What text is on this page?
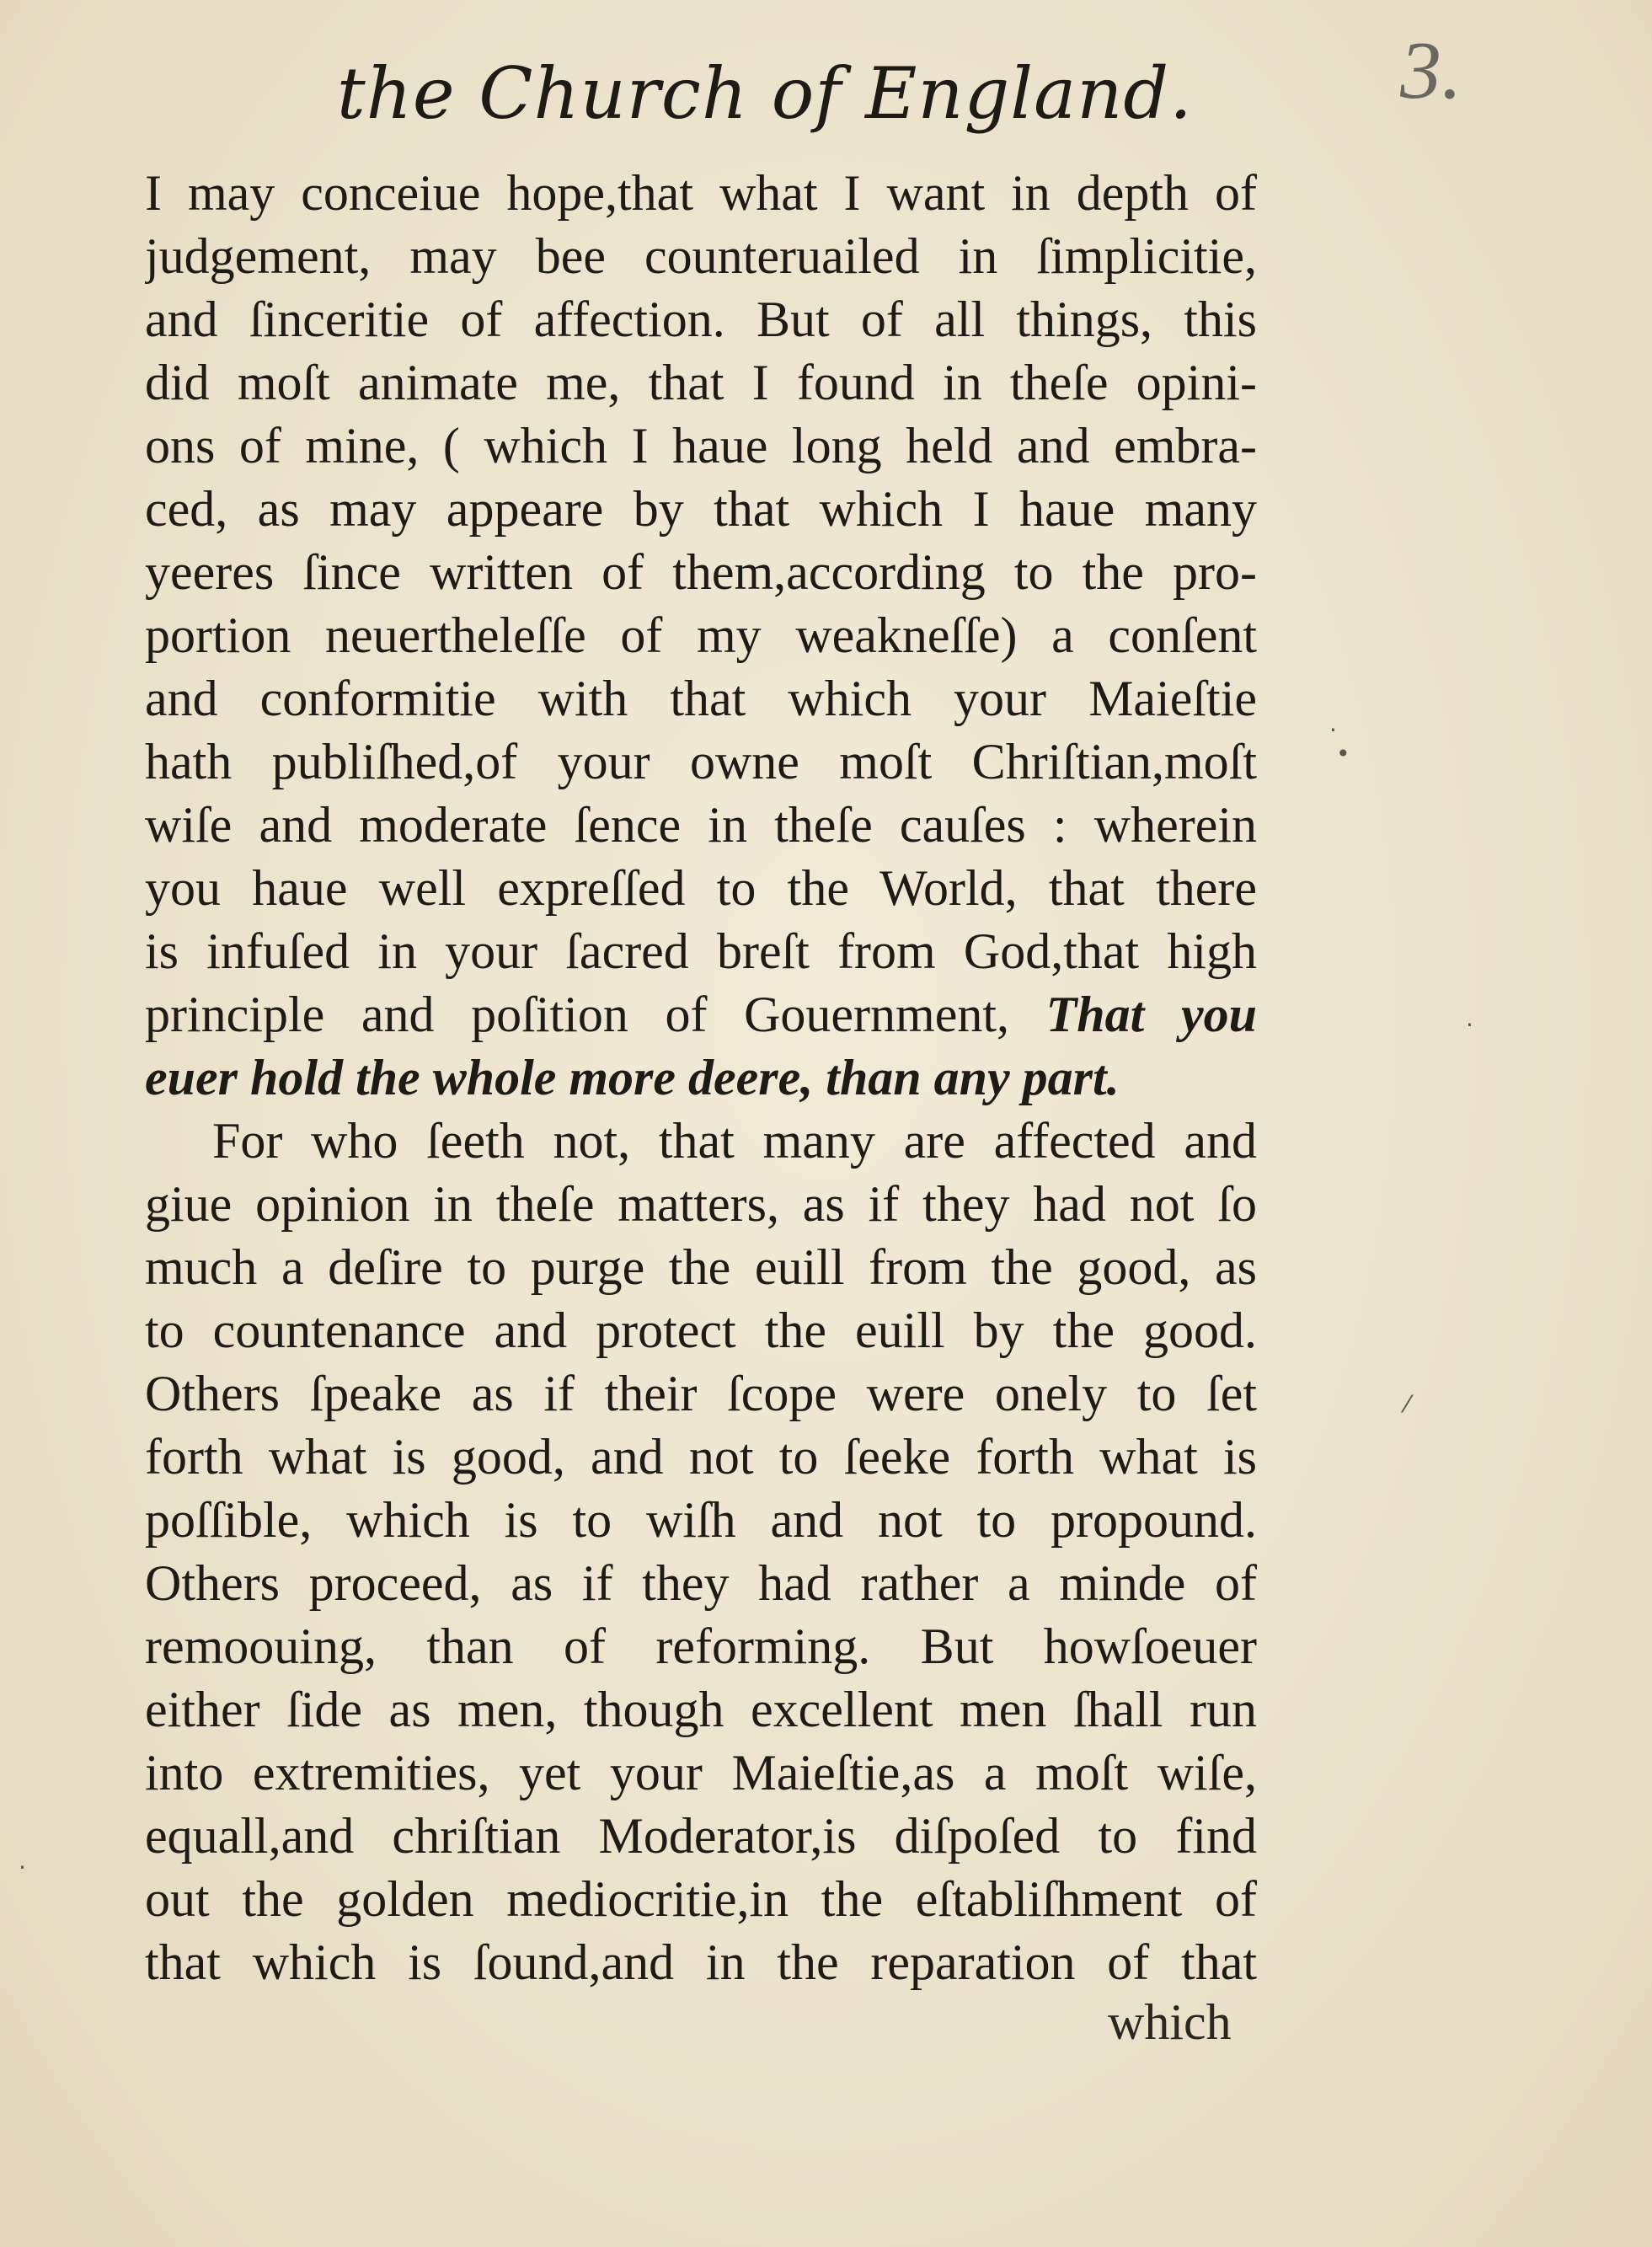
the Church of England.	3.
I may conceiue hope,that what I want in depth of
judgement, may bee counteruailed in ſimplicitie,
and ſinceritie of affection. But of all things, this
did moſt animate me, that I found in theſe opini-
ons of mine, ( which I haue long held and embra-
ced, as may appeare by that which I haue many
yeeres ſince written of them,according to the pro-
portion neuertheleſſe of my weakneſſe) a conſent
and conformitie with that which your Maieſtie
hath publiſhed,of your owne moſt Chriſtian,moſt
wiſe and moderate ſence in theſe cauſes : wherein
you haue well expreſſed to the World, that there
is infuſed in your ſacred breſt from God,that high
principle and poſition of Gouernment, That you
euer hold the whole more deere, than any part.
For who ſeeth not, that many are affected and
giue opinion in theſe matters, as if they had not ſo
much a deſire to purge the euill from the good, as
to countenance and protect the euill by the good.
Others ſpeake as if their ſcope were onely to ſet
forth what is good, and not to ſeeke forth what is
poſſible, which is to wiſh and not to propound.
Others proceed, as if they had rather a minde of
remoouing, than of reforming. But howſoeuer
either ſide as men, though excellent men ſhall run
into extremities, yet your Maieſtie,as a moſt wiſe,
equall,and chriſtian Moderator,is diſpoſed to find
out the golden mediocritie,in the eſtabliſhment of
that which is ſound,and in the reparation of that
which
·
•
·
⁄
·
